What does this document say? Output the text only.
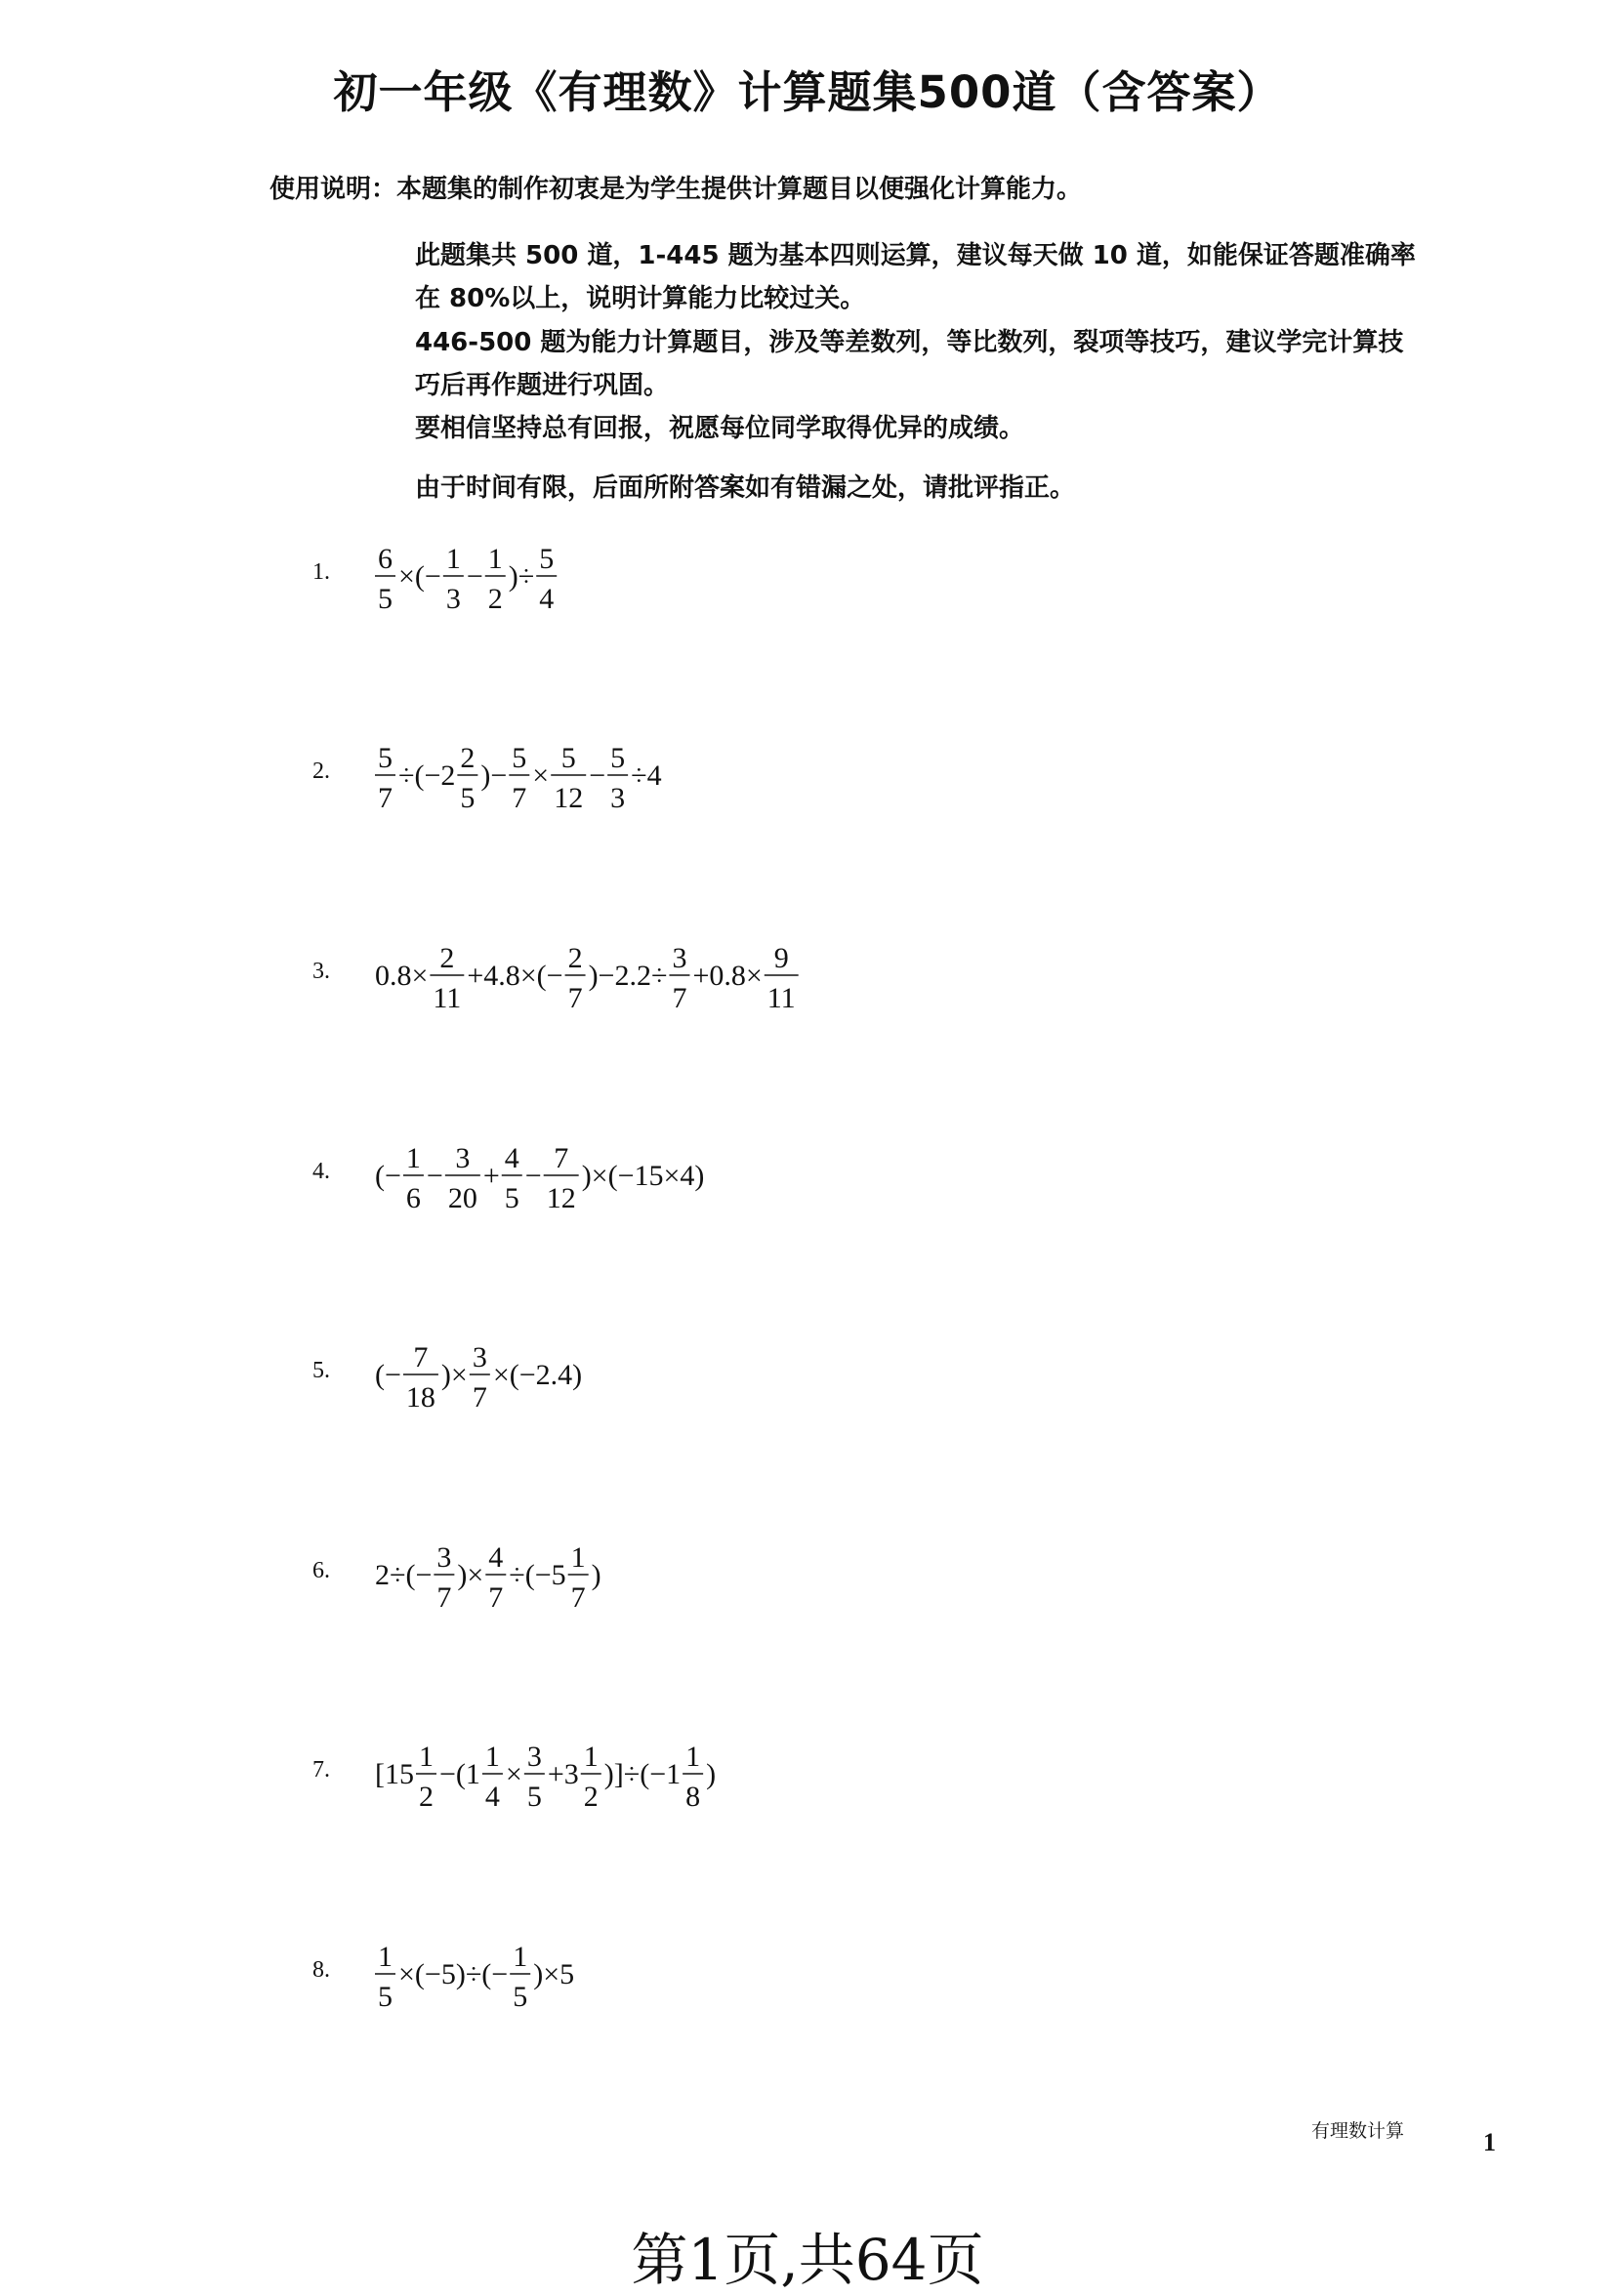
初一年级《有理数》计算题集500道（含答案）
使用说明：本题集的制作初衷是为学生提供计算题目以便强化计算能力。
此题集共 500 道，1-445 题为基本四则运算，建议每天做 10 道，如能保证答题准确率
在 80%以上，说明计算能力比较过关。
446-500 题为能力计算题目，涉及等差数列，等比数列，裂项等技巧，建议学完计算技
巧后再作题进行巩固。
要相信坚持总有回报，祝愿每位同学取得优异的成绩。
由于时间有限，后面所附答案如有错漏之处，请批评指正。
1. 6
5
×(−
1
3
−
1
2
)÷
5
4
2. 5
7
÷(−2
2
5
)−
5
7
×
5
12
−
5
3
÷4
3. 0.8×
2
11
+4.8×(−
2
7
)−2.2÷
3
7
+0.8×
9
11
4. (−
1
6
−
3
20
+
4
5
−
7
12
)×(−15×4)
5. (−
7
18
)×
3
7
×(−2.4)
6. 2÷(−
3
7
)×
4
7
÷(−5
1
7
)
7. [15
1
2
−(1
1
4
×
3
5
+3
1
2
)]÷(−1
1
8
)
8. 1
5
×(−5)÷(−
1
5
)×5
有理数计算	1
第1页,共64页
